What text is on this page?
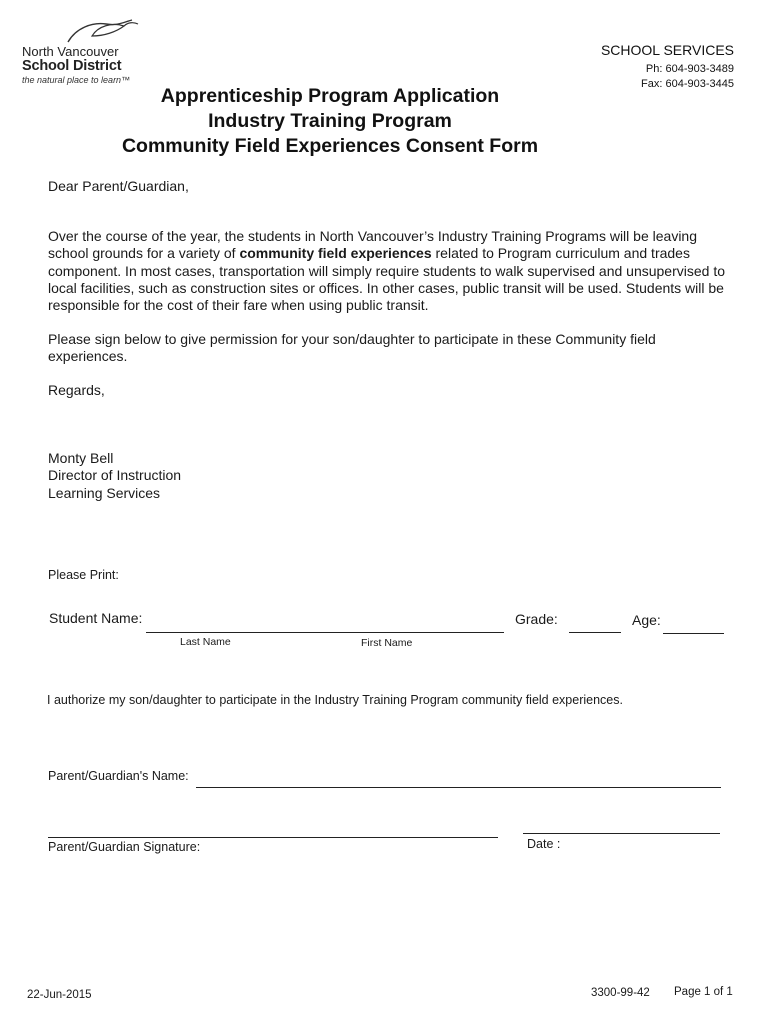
North Vancouver
School District
the natural place to learn™
SCHOOL SERVICES
Ph: 604-903-3489
Fax: 604-903-3445
Apprenticeship Program Application
Industry Training Program
Community Field Experiences Consent Form
Dear Parent/Guardian,
Over the course of the year, the students in North Vancouver’s Industry Training Programs will be leaving school grounds for a variety of community field experiences related to Program curriculum and trades component. In most cases, transportation will simply require students to walk supervised and unsupervised to local facilities, such as construction sites or offices. In other cases, public transit will be used. Students will be responsible for the cost of their fare when using public transit.
Please sign below to give permission for your son/daughter to participate in these Community field experiences.
Regards,
Monty Bell
Director of Instruction
Learning Services
Please Print:
Student Name:
Last Name	First Name
Grade:	Age:
I authorize my son/daughter to participate in the Industry Training Program community field experiences.
Parent/Guardian's Name:
Parent/Guardian Signature:	Date :
22-Jun-2015	3300-99-42 Page 1 of 1
